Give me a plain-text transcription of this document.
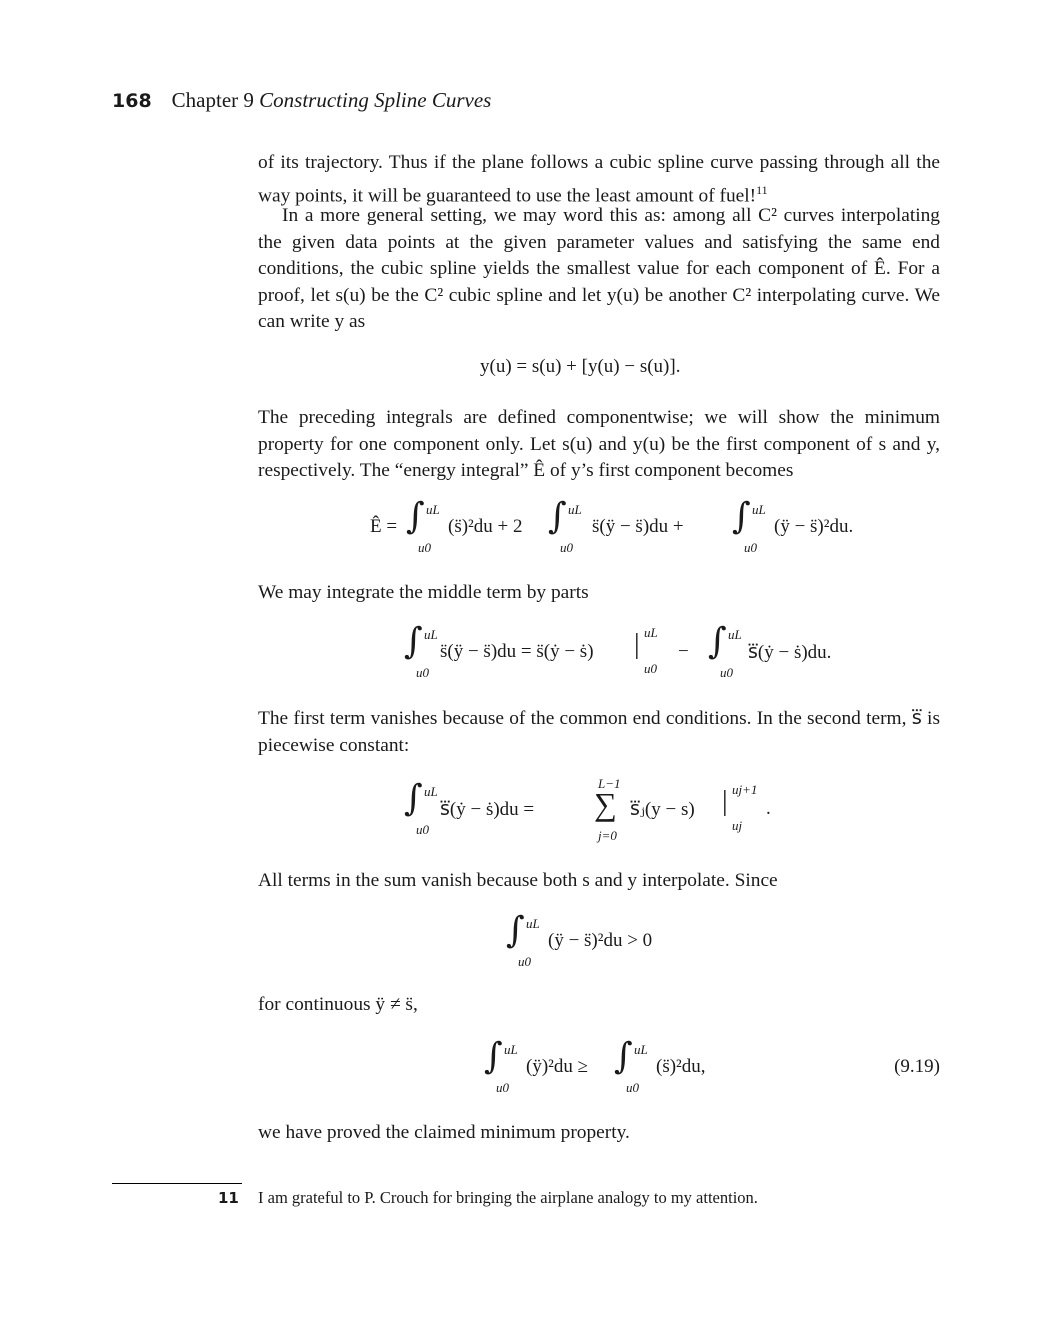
168 Chapter 9 Constructing Spline Curves

of its trajectory. Thus if the plane follows a cubic spline curve passing through all the way points, it will be guaranteed to use the least amount of fuel!$^{11}$

In a more general setting, we may word this as: among all C² curves interpolating the given data points at the given parameter values and satisfying the same end conditions, the cubic spline yields the smallest value for each component of Ê. For a proof, let s(u) be the C² cubic spline and let y(u) be another C² interpolating curve. We can write y as

y(u) = s(u) + [y(u) − s(u)].

The preceding integrals are defined componentwise; we will show the minimum property for one component only. Let s(u) and y(u) be the first component of s and y, respectively. The “energy integral” Ê of y’s first component becomes

Ê = ∫ uL
u0
(s̈)²du + 2 ∫ uL
u0
s̈(ÿ − s̈)du + ∫ uL
u0
(ÿ − s̈)²du.

We may integrate the middle term by parts

∫ uL
u0
s̈(ÿ − s̈)du = s̈(ẏ − ṡ) | uL
u0
− ∫ uL
u0
s⃛(ẏ − ṡ)du.

The first term vanishes because of the common end conditions. In the second term, s⃛ is piecewise constant:

∫ uL
u0
s⃛(ẏ − ṡ)du =
L−1
∑
j=0
s⃛ⱼ(y − s) | uj+1
uj
.

All terms in the sum vanish because both s and y interpolate. Since

∫ uL
u0
(ÿ − s̈)²du > 0

for continuous ÿ ≠ s̈,

∫ uL
u0
(ÿ)²du ≥ ∫ uL
u0
(s̈)²du,	(9.19)

we have proved the claimed minimum property.

11 I am grateful to P. Crouch for bringing the airplane analogy to my attention.
